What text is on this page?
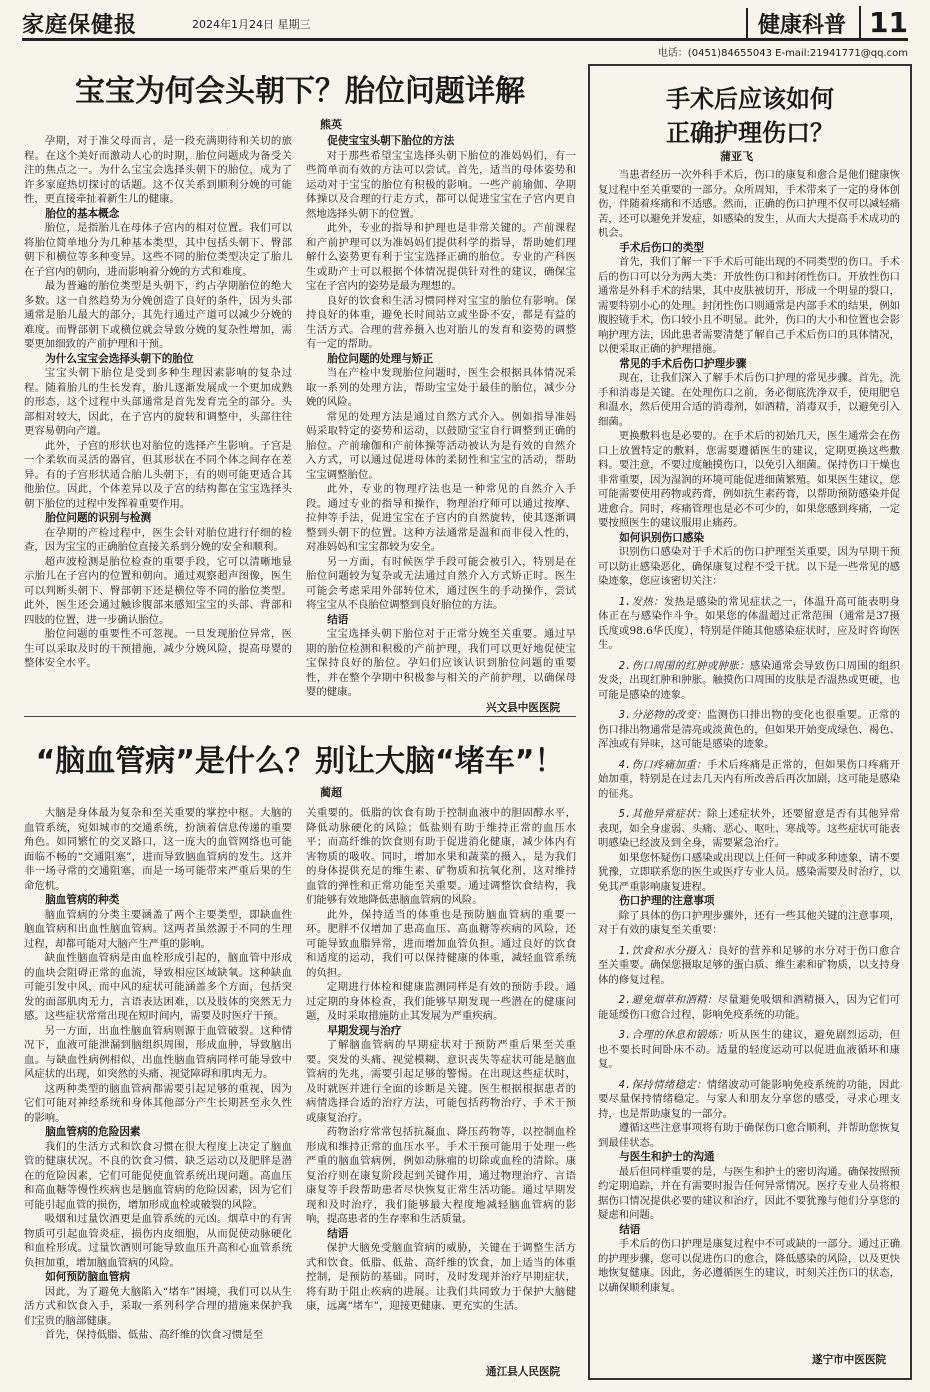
家庭保健报	2024年1月24日 星期三	健康科普 11
电话：(0451)84655043 E-mail:21941771@qq.com
宝宝为何会头朝下？胎位问题详解
熊英

孕期，对于准父母而言，是一段充满期待和关切的旅程。在这个美好而激动人心的时期，胎位问题成为备受关注的焦点之一。为什么宝宝会选择头朝下的胎位，成为了许多家庭热切探讨的话题。这不仅关系到顺利分娩的可能性，更直接牵扯着新生儿的健康。

胎位的基本概念

胎位，是指胎儿在母体子宫内的相对位置。我们可以将胎位简单地分为几种基本类型，其中包括头朝下、臀部朝下和横位等多种变异。这些不同的胎位类型决定了胎儿在子宫内的朝向，进而影响着分娩的方式和难度。

最为普遍的胎位类型是头朝下，约占孕期胎位的绝大多数。这一自然趋势为分娩创造了良好的条件，因为头部通常是胎儿最大的部分，其先行通过产道可以减少分娩的难度。而臀部朝下或横位就会导致分娩的复杂性增加，需要更加细致的产前护理和干预。

为什么宝宝会选择头朝下的胎位

宝宝头朝下胎位是受到多种生理因素影响的复杂过程。随着胎儿的生长发育，胎儿逐渐发展成一个更加成熟的形态，这个过程中头部通常是首先发育完全的部分。头部相对较大，因此，在子宫内的旋转和调整中，头部往往更容易朝向产道。

此外，子宫的形状也对胎位的选择产生影响。子宫是一个柔软而灵活的器官，但其形状在不同个体之间存在差异。有的子宫形状适合胎儿头朝下，有的则可能更适合其他胎位。因此，个体差异以及子宫的结构都在宝宝选择头朝下胎位的过程中发挥着重要作用。

胎位问题的识别与检测

在孕期的产检过程中，医生会针对胎位进行仔细的检查，因为宝宝的正确胎位直接关系到分娩的安全和顺利。

超声波检测是胎位检查的重要手段，它可以清晰地显示胎儿在子宫内的位置和朝向。通过观察超声图像，医生可以判断头朝下、臀部朝下还是横位等不同的胎位类型。此外，医生还会通过触诊腹部来感知宝宝的头部、背部和四肢的位置，进一步确认胎位。

胎位问题的重要性不可忽视。一旦发现胎位异常，医生可以采取及时的干预措施，减少分娩风险，提高母婴的整体安全水平。

促使宝宝头朝下胎位的方法

对于那些希望宝宝选择头朝下胎位的准妈妈们，有一些简单而有效的方法可以尝试。首先，适当的母体姿势和运动对于宝宝的胎位有积极的影响。一些产前瑜伽、孕期体操以及合理的行走方式，都可以促进宝宝在子宫内更自然地选择头朝下的位置。

此外，专业的指导和护理也是非常关键的。产前课程和产前护理可以为准妈妈们提供科学的指导，帮助她们理解什么姿势更有利于宝宝选择正确的胎位。专业的产科医生或助产士可以根据个体情况提供针对性的建议，确保宝宝在子宫内的姿势是最为理想的。

良好的饮食和生活习惯同样对宝宝的胎位有影响。保持良好的体重，避免长时间站立或坐卧不安，都是有益的生活方式。合理的营养摄入也对胎儿的发育和姿势的调整有一定的帮助。

胎位问题的处理与矫正

当在产检中发现胎位问题时，医生会根据具体情况采取一系列的处理方法，帮助宝宝处于最佳的胎位，减少分娩的风险。

常见的处理方法是通过自然方式介入。例如指导准妈妈采取特定的姿势和运动，以鼓励宝宝自行调整到正确的胎位。产前瑜伽和产前体操等活动被认为是有效的自然介入方式，可以通过促进母体的柔韧性和宝宝的活动，帮助宝宝调整胎位。

此外，专业的物理疗法也是一种常见的自然介入手段。通过专业的指导和操作，物理治疗师可以通过按摩、拉伸等手法，促进宝宝在子宫内的自然旋转，使其逐渐调整到头朝下的位置。这种方法通常是温和而非侵入性的，对准妈妈和宝宝都较为安全。

另一方面，有时候医学手段可能会被引入，特别是在胎位问题较为复杂或无法通过自然介入方式矫正时。医生可能会考虑采用外部转位术，通过医生的手动操作，尝试将宝宝从不良胎位调整到良好胎位的方法。

结语

宝宝选择头朝下胎位对于正常分娩至关重要。通过早期的胎位检测和积极的产前护理，我们可以更好地促使宝宝保持良好的胎位。孕妇们应该认识到胎位问题的重要性，并在整个孕期中积极参与相关的产前护理，以确保母婴的健康。

兴文县中医医院
“脑血管病”是什么？别让大脑“堵车”！
蔺超

大脑是身体最为复杂和至关重要的掌控中枢。大脑的血管系统，宛如城市的交通系统，扮演着信息传递的重要角色。如同繁忙的交叉路口，这一庞大的血管网络也可能面临不畅的“交通阻塞”，进而导致脑血管病的发生。这并非一场寻常的交通阻塞，而是一场可能带来严重后果的生命危机。

脑血管病的种类

脑血管病的分类主要涵盖了两个主要类型，即缺血性脑血管病和出血性脑血管病。这两者虽然源于不同的生理过程，却都可能对大脑产生严重的影响。

缺血性脑血管病是由血栓形成引起的，脑血管中形成的血块会阻碍正常的血流，导致相应区域缺氧。这种缺血可能引发中风，而中风的症状可能涵盖多个方面，包括突发的面部肌肉无力，言语表达困难，以及肢体的突然无力感。这些症状常常出现在短时间内，需要及时医疗干预。

另一方面，出血性脑血管病则源于血管破裂。这种情况下，血液可能泄漏到脑组织周围，形成血肿，导致脑出血。与缺血性病例相似，出血性脑血管病同样可能导致中风症状的出现，如突然的头痛、视觉障碍和肌肉无力。

这两种类型的脑血管病都需要引起足够的重视，因为它们可能对神经系统和身体其他部分产生长期甚至永久性的影响。

脑血管病的危险因素

我们的生活方式和饮食习惯在很大程度上决定了脑血管的健康状况。不良的饮食习惯、缺乏运动以及肥胖是潜在的危险因素，它们可能促使血管系统出现问题。高血压和高血糖等慢性疾病也是脑血管病的危险因素，因为它们可能引起血管的损伤，增加形成血栓或破裂的风险。

吸烟和过量饮酒更是血管系统的元凶。烟草中的有害物质可引起血管炎症，损伤内皮细胞，从而促使动脉硬化和血栓形成。过量饮酒则可能导致血压升高和心血管系统负担加重，增加脑血管病的风险。

如何预防脑血管病

因此，为了避免大脑陷入“堵车”困境，我们可以从生活方式和饮食入手，采取一系列科学合理的措施来保护我们宝贵的脑部健康。

首先，保持低脂、低盐、高纤维的饮食习惯是至

关重要的。低脂的饮食有助于控制血液中的胆固醇水平，降低动脉硬化的风险；低盐则有助于维持正常的血压水平；而高纤维的饮食则有助于促进消化健康，减少体内有害物质的吸收。同时，增加水果和蔬菜的摄入，是为我们的身体提供充足的维生素、矿物质和抗氧化剂，这对维持血管的弹性和正常功能至关重要。通过调整饮食结构，我们能够有效地降低患脑血管病的风险。

此外，保持适当的体重也是预防脑血管病的重要一环。肥胖不仅增加了患高血压、高血糖等疾病的风险，还可能导致血脂异常，进而增加血管负担。通过良好的饮食和适度的运动，我们可以保持健康的体重，减轻血管系统的负担。

定期进行体检和健康监测同样是有效的预防手段。通过定期的身体检查，我们能够早期发现一些潜在的健康问题，及时采取措施防止其发展为严重疾病。

早期发现与治疗

了解脑血管病的早期症状对于预防严重后果至关重要。突发的头痛、视觉模糊、意识丧失等症状可能是脑血管病的先兆，需要引起足够的警惕。在出现这些症状时，及时就医并进行全面的诊断是关键。医生根据根据患者的病情选择合适的治疗方法，可能包括药物治疗、手术干预或康复治疗。

药物治疗常常包括抗凝血、降压药物等，以控制血栓形成和维持正常的血压水平。手术干预可能用于处理一些严重的脑血管病例，例如动脉瘤的切除或血栓的清除。康复治疗则在康复阶段起到关键作用，通过物理治疗、言语康复等手段帮助患者尽快恢复正常生活功能。通过早期发现和及时治疗，我们能够最大程度地减轻脑血管病的影响，提高患者的生存率和生活质量。

结语

保护大脑免受脑血管病的威胁，关键在于调整生活方式和饮食。低脂、低盐、高纤维的饮食，加上适当的体重控制，是预防的基础。同时，及时发现并治疗早期症状，将有助于阻止疾病的进展。让我们共同致力于保护大脑健康，远离“堵车”，迎接更健康、更充实的生活。

通江县人民医院
手术后应该如何
正确护理伤口？
蒲亚飞

当患者经历一次外科手术后，伤口的康复和愈合是他们健康恢复过程中至关重要的一部分。众所周知，手术带来了一定的身体创伤，伴随着疼痛和不适感。然而，正确的伤口护理不仅可以减轻痛苦，还可以避免并发症，如感染的发生，从而大大提高手术成功的机会。

手术后伤口的类型

首先，我们了解一下手术后可能出现的不同类型的伤口。手术后的伤口可以分为两大类：开放性伤口和封闭性伤口。开放性伤口通常是外科手术的结果，其中皮肤被切开，形成一个明显的裂口，需要特别小心的处理。封闭性伤口则通常是内部手术的结果，例如腹腔镜手术，伤口较小且不明显。此外，伤口的大小和位置也会影响护理方法，因此患者需要清楚了解自己手术后伤口的具体情况，以便采取正确的护理措施。

常见的手术后伤口护理步骤

现在，让我们深入了解手术后伤口护理的常见步骤。首先，洗手和消毒是关键。在处理伤口之前，务必彻底洗净双手，使用肥皂和温水，然后使用合适的消毒剂，如酒精，消毒双手，以避免引入细菌。

更换敷料也是必要的。在手术后的初始几天，医生通常会在伤口上放置特定的敷料，您需要遵循医生的建议，定期更换这些敷料。要注意，不要过度触摸伤口，以免引入细菌。保持伤口干燥也非常重要，因为湿润的环境可能促进细菌繁殖。如果医生建议，您可能需要使用药物或药膏，例如抗生素药膏，以帮助预防感染并促进愈合。同时，疼痛管理也是必不可少的，如果您感到疼痛，一定要按照医生的建议服用止痛药。

如何识别伤口感染

识别伤口感染对于手术后的伤口护理至关重要，因为早期干预可以防止感染恶化，确保康复过程不受干扰。以下是一些常见的感染迹象，您应该密切关注：

1.发热：发热是感染的常见症状之一，体温升高可能表明身体正在与感染作斗争。如果您的体温超过正常范围（通常是37摄氏度或98.6华氏度），特别是伴随其他感染症状时，应及时咨询医生。

2.伤口周围的红肿或肿胀：感染通常会导致伤口周围的组织发炎，出现红肿和肿胀。触摸伤口周围的皮肤是否温热或更硬，也可能是感染的迹象。

3.分泌物的改变：监测伤口排出物的变化也很重要。正常的伤口排出物通常是清亮或淡黄色的，但如果开始变成绿色、褐色、浑浊或有异味，这可能是感染的迹象。

4.伤口疼痛加重：手术后疼痛是正常的，但如果伤口疼痛开始加重，特别是在过去几天内有所改善后再次加剧，这可能是感染的征兆。

5.其他异常症状：除上述症状外，还要留意是否有其他异常表现，如全身虚弱、头痛、恶心、呕吐、寒战等。这些症状可能表明感染已经波及到全身，需要紧急治疗。

如果您怀疑伤口感染或出现以上任何一种或多种迹象，请不要犹豫，立即联系您的医生或医疗专业人员。感染需要及时治疗，以免其严重影响康复进程。

伤口护理的注意事项

除了具体的伤口护理步骤外，还有一些其他关键的注意事项，对于有效的康复至关重要：

1.饮食和水分摄入：良好的营养和足够的水分对于伤口愈合至关重要。确保您摄取足够的蛋白质、维生素和矿物质，以支持身体的修复过程。

2.避免烟草和酒精：尽量避免吸烟和酒精摄入，因为它们可能延缓伤口愈合过程，影响免疫系统的功能。

3.合理的休息和锻炼：听从医生的建议，避免剧烈运动，但也不要长时间卧床不动。适量的轻度运动可以促进血液循环和康复。

4.保持情绪稳定：情绪波动可能影响免疫系统的功能，因此要尽量保持情绪稳定。与家人和朋友分享您的感受，寻求心理支持，也是帮助康复的一部分。

遵循这些注意事项将有助于确保伤口愈合顺利，并帮助您恢复到最佳状态。

与医生和护士的沟通

最后但同样重要的是，与医生和护士的密切沟通。确保按照预约定期追踪，并在有需要时报告任何异常情况。医疗专业人员将根据伤口情况提供必要的建议和治疗，因此不要犹豫与他们分享您的疑虑和问题。

结语

手术后的伤口护理是康复过程中不可或缺的一部分。通过正确的护理步骤，您可以促进伤口的愈合，降低感染的风险，以及更快地恢复健康。因此，务必遵循医生的建议，时刻关注伤口的状态，以确保顺利康复。

遂宁市中医医院
